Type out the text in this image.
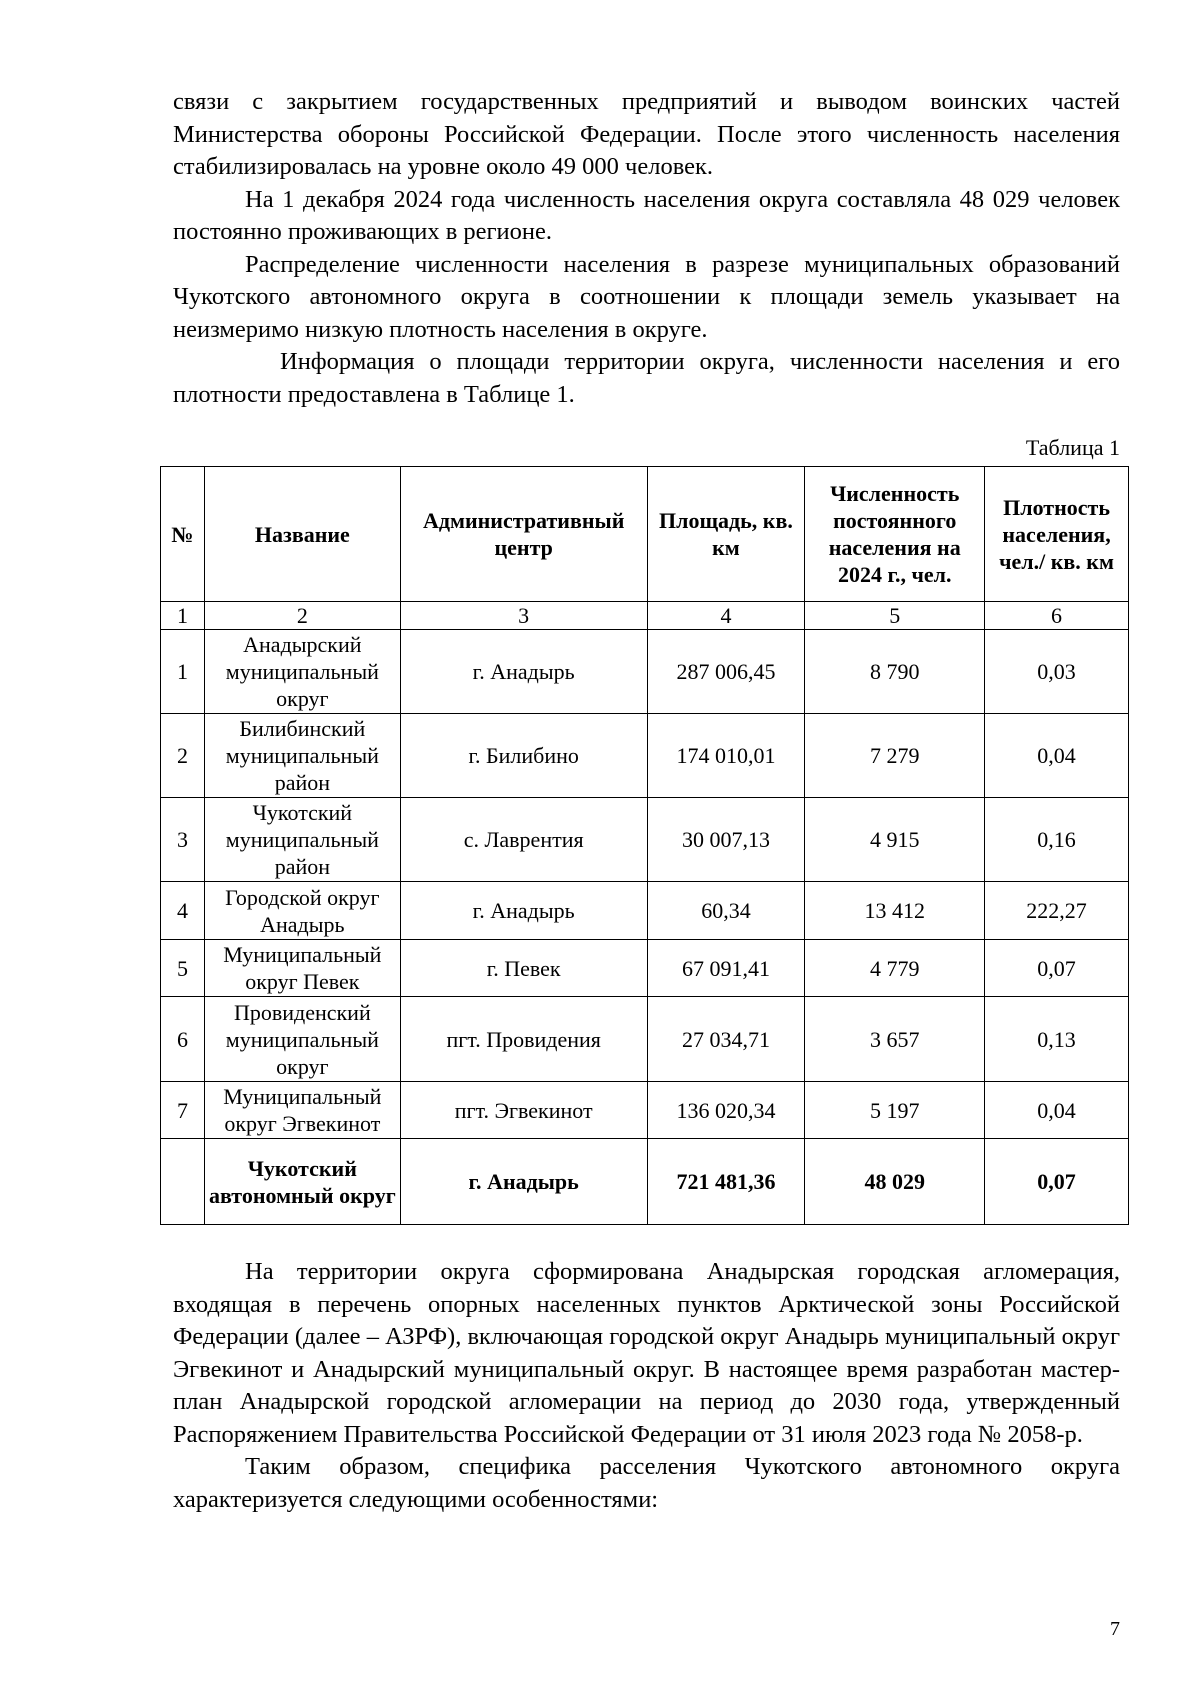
связи с закрытием государственных предприятий и выводом воинских частей Министерства обороны Российской Федерации. После этого численность населения стабилизировалась на уровне около 49 000 человек.

На 1 декабря 2024 года численность населения округа составляла 48 029 человек постоянно проживающих в регионе.

Распределение численности населения в разрезе муниципальных образований Чукотского автономного округа в соотношении к площади земель указывает на неизмеримо низкую плотность населения в округе.

Информация о площади территории округа, численности населения и его плотности предоставлена в Таблице 1.

Таблица 1
№	Название	Административный центр	Площадь, кв. км	Численность постоянного населения на 2024 г., чел.	Плотность населения, чел./ кв. км
1	2	3	4	5	6
1	Анадырский муниципальный округ	г. Анадырь	287 006,45	8 790	0,03
2	Билибинский муниципальный район	г. Билибино	174 010,01	7 279	0,04
3	Чукотский муниципальный район	с. Лаврентия	30 007,13	4 915	0,16
4	Городской округ Анадырь	г. Анадырь	60,34	13 412	222,27
5	Муниципальный округ Певек	г. Певек	67 091,41	4 779	0,07
6	Провиденский муниципальный округ	пгт. Провидения	27 034,71	3 657	0,13
7	Муниципальный округ Эгвекинот	пгт. Эгвекинот	136 020,34	5 197	0,04
	Чукотский автономный округ	г. Анадырь	721 481,36	48 029	0,07

На территории округа сформирована Анадырская городская агломерация, входящая в перечень опорных населенных пунктов Арктической зоны Российской Федерации (далее – АЗРФ), включающая городской округ Анадырь муниципальный округ Эгвекинот и Анадырский муниципальный округ. В настоящее время разработан мастер-план Анадырской городской агломерации на период до 2030 года, утвержденный Распоряжением Правительства Российской Федерации от 31 июля 2023 года № 2058-р.

Таким образом, специфика расселения Чукотского автономного округа характеризуется следующими особенностями:

7
